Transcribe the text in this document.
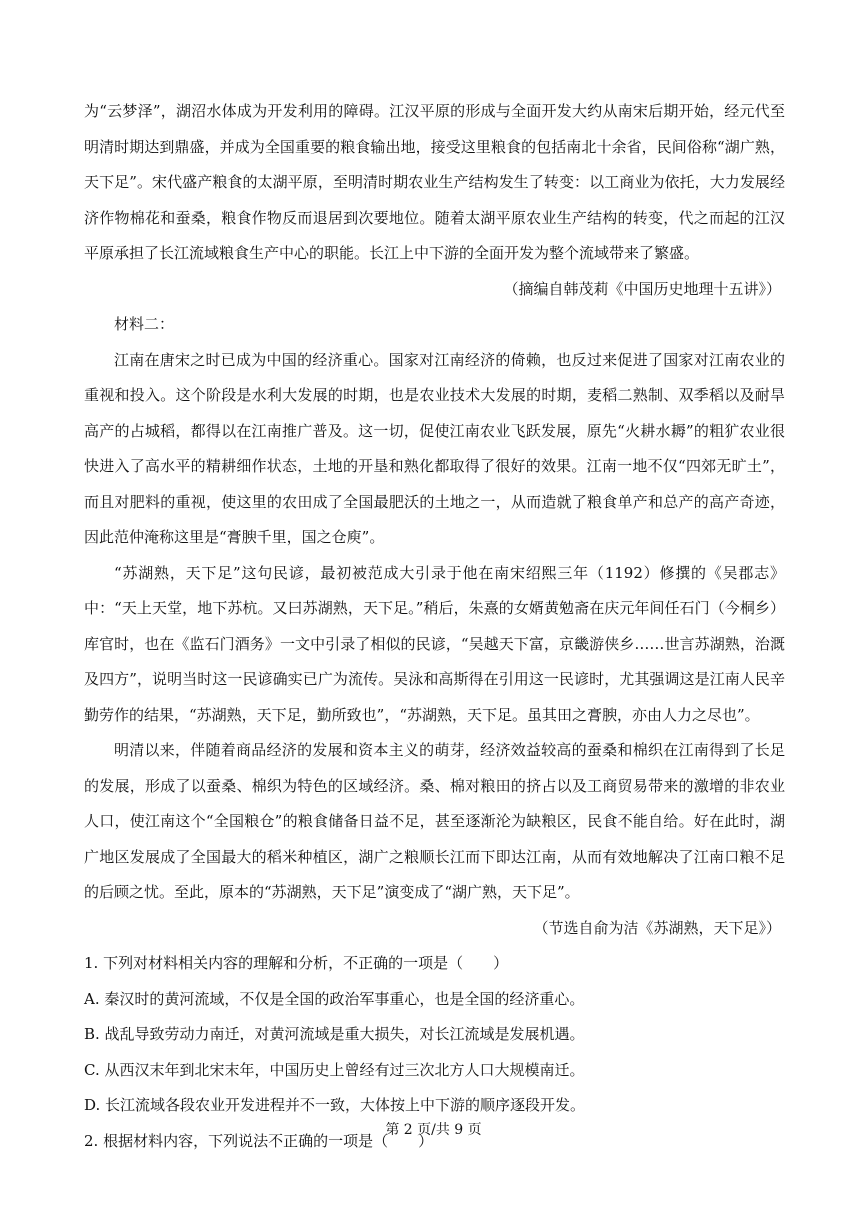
为“云梦泽”，湖沼水体成为开发利用的障碍。江汉平原的形成与全面开发大约从南宋后期开始，经元代至明清时期达到鼎盛，并成为全国重要的粮食输出地，接受这里粮食的包括南北十余省，民间俗称“湖广熟，天下足”。宋代盛产粮食的太湖平原，至明清时期农业生产结构发生了转变：以工商业为依托，大力发展经济作物棉花和蚕桑，粮食作物反而退居到次要地位。随着太湖平原农业生产结构的转变，代之而起的江汉平原承担了长江流域粮食生产中心的职能。长江上中下游的全面开发为整个流域带来了繁盛。

（摘编自韩茂莉《中国历史地理十五讲》）

材料二：

江南在唐宋之时已成为中国的经济重心。国家对江南经济的倚赖，也反过来促进了国家对江南农业的重视和投入。这个阶段是水利大发展的时期，也是农业技术大发展的时期，麦稻二熟制、双季稻以及耐旱高产的占城稻，都得以在江南推广普及。这一切，促使江南农业飞跃发展，原先“火耕水耨”的粗犷农业很快进入了高水平的精耕细作状态，土地的开垦和熟化都取得了很好的效果。江南一地不仅“四郊无旷土”，而且对肥料的重视，使这里的农田成了全国最肥沃的土地之一，从而造就了粮食单产和总产的高产奇迹，因此范仲淹称这里是“膏腴千里，国之仓庾”。

“苏湖熟，天下足”这句民谚，最初被范成大引录于他在南宋绍熙三年（1192）修撰的《吴郡志》中：“天上天堂，地下苏杭。又曰苏湖熟，天下足。”稍后，朱熹的女婿黄勉斋在庆元年间任石门（今桐乡）库官时，也在《监石门酒务》一文中引录了相似的民谚，“吴越天下富，京畿游侠乡……世言苏湖熟，治溉及四方”，说明当时这一民谚确实已广为流传。吴泳和高斯得在引用这一民谚时，尤其强调这是江南人民辛勤劳作的结果，“苏湖熟，天下足，勤所致也”，“苏湖熟，天下足。虽其田之膏腴，亦由人力之尽也”。

明清以来，伴随着商品经济的发展和资本主义的萌芽，经济效益较高的蚕桑和棉织在江南得到了长足的发展，形成了以蚕桑、棉织为特色的区域经济。桑、棉对粮田的挤占以及工商贸易带来的激增的非农业人口，使江南这个“全国粮仓”的粮食储备日益不足，甚至逐渐沦为缺粮区，民食不能自给。好在此时，湖广地区发展成了全国最大的稻米种植区，湖广之粮顺长江而下即达江南，从而有效地解决了江南口粮不足的后顾之忧。至此，原本的“苏湖熟，天下足”演变成了“湖广熟，天下足”。

（节选自俞为洁《苏湖熟，天下足》）

1. 下列对材料相关内容的理解和分析，不正确的一项是（　　）

A. 秦汉时的黄河流域，不仅是全国的政治军事重心，也是全国的经济重心。

B. 战乱导致劳动力南迁，对黄河流域是重大损失，对长江流域是发展机遇。

C. 从西汉末年到北宋末年，中国历史上曾经有过三次北方人口大规模南迁。

D. 长江流域各段农业开发进程并不一致，大体按上中下游的顺序逐段开发。

2. 根据材料内容，下列说法不正确的一项是（　　）

第 2 页/共 9 页
